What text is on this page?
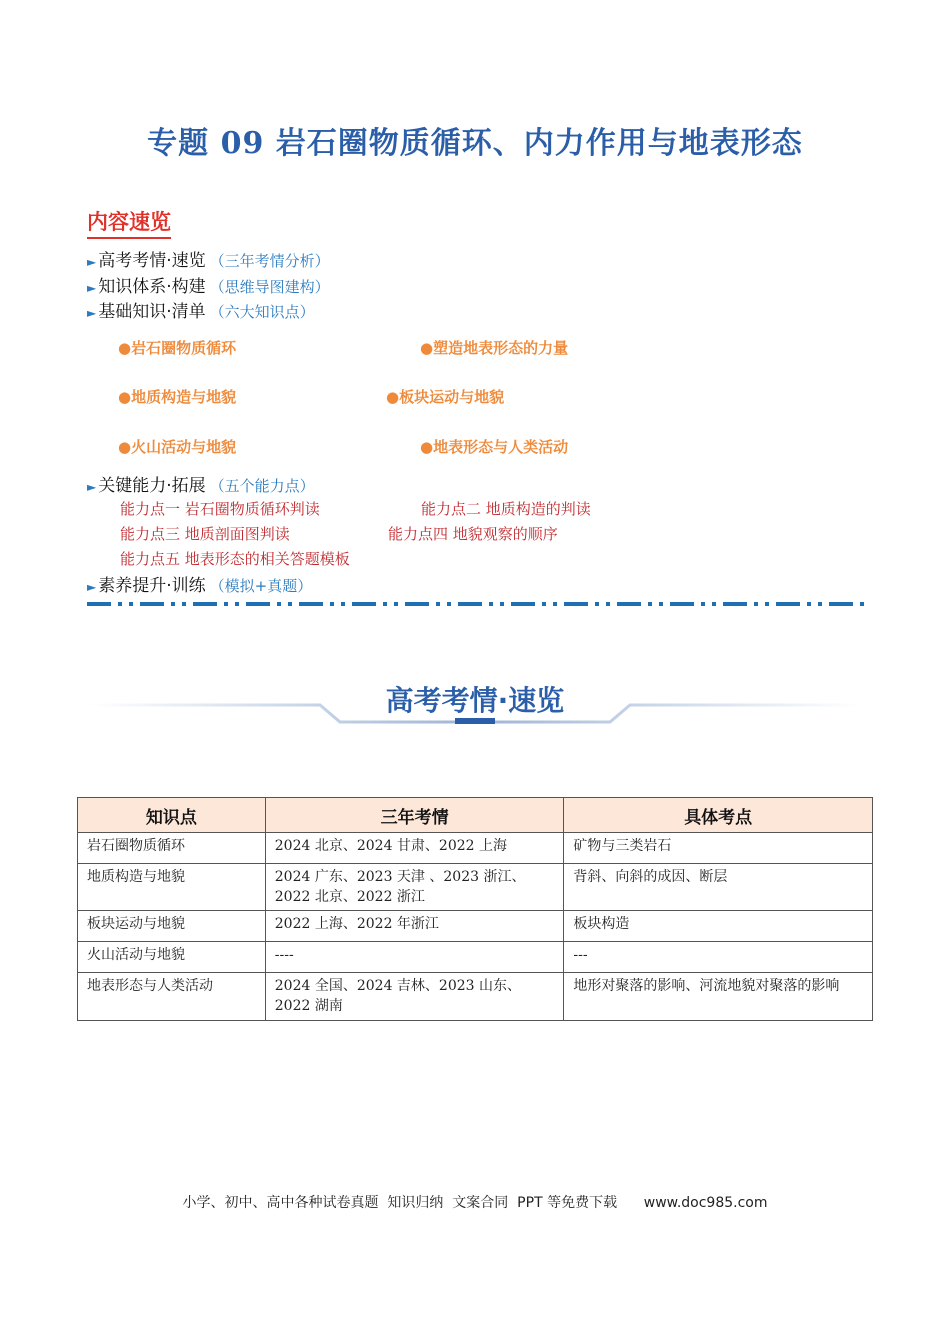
专题 09 岩石圈物质循环、内力作用与地表形态
内容速览
► 高考考情·速览 （三年考情分析）
► 知识体系·构建 （思维导图建构）
► 基础知识·清单 （六大知识点）
●岩石圈物质循环	●塑造地表形态的力量
●地质构造与地貌	●板块运动与地貌
●火山活动与地貌	●地表形态与人类活动
► 关键能力·拓展 （五个能力点）
能力点一 岩石圈物质循环判读	能力点二 地质构造的判读
能力点三 地质剖面图判读	能力点四 地貌观察的顺序
能力点五 地表形态的相关答题模板
► 素养提升·训练 （模拟+真题）
高考考情·速览
知识点	三年考情	具体考点
岩石圈物质循环	2024 北京、2024 甘肃、2022 上海	矿物与三类岩石
地质构造与地貌	2024 广东、2023 天津 、2023 浙江、2022 北京、2022 浙江	背斜、向斜的成因、断层
板块运动与地貌	2022 上海、2022 年浙江	板块构造
火山活动与地貌	----	---
地表形态与人类活动	2024 全国、2024 吉林、2023 山东、2022 湖南	地形对聚落的影响、河流地貌对聚落的影响
小学、初中、高中各种试卷真题  知识归纳  文案合同  PPT 等免费下载      www.doc985.com
